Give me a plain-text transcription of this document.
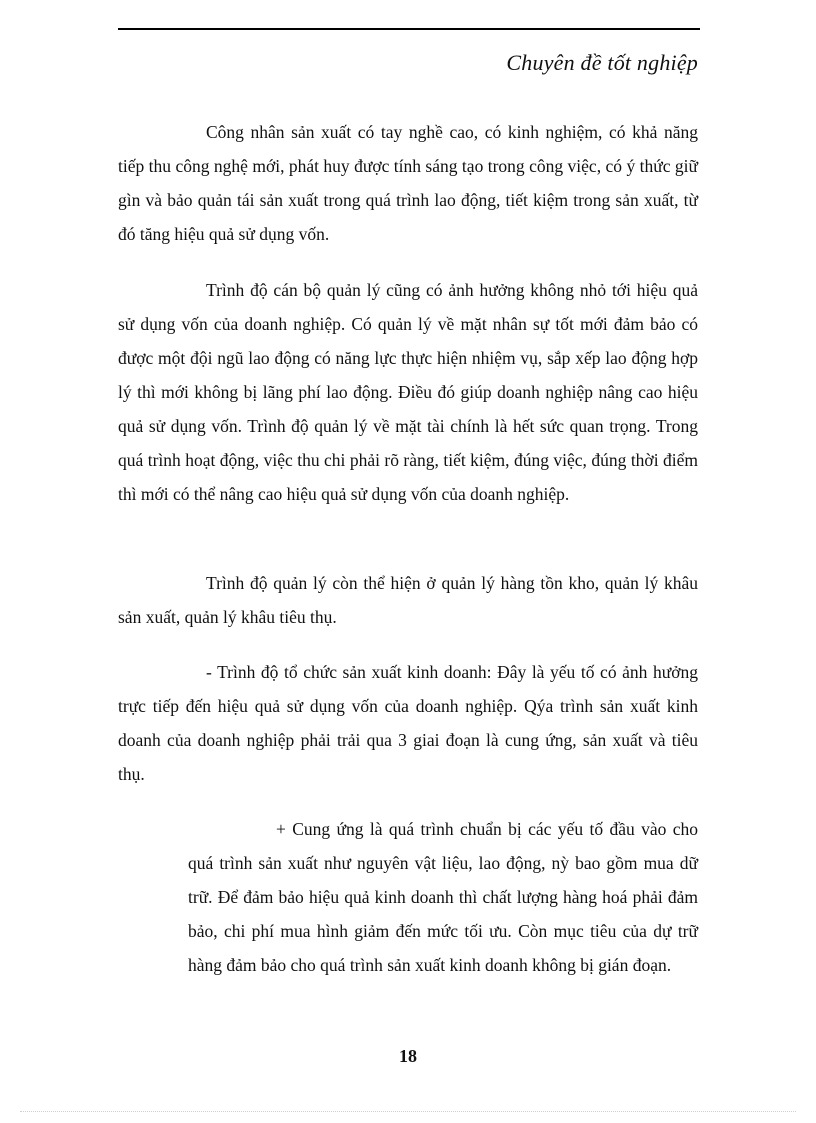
Chuyên đề tốt nghiệp

Công nhân sản xuất có tay nghề cao, có kinh nghiệm, có khả năng tiếp thu công nghệ mới, phát huy được tính sáng tạo trong công việc, có ý thức giữ gìn và bảo quản tái sản xuất trong quá trình lao động, tiết kiệm trong sản xuất, từ đó tăng hiệu quả sử dụng vốn.

Trình độ cán bộ quản lý cũng có ảnh hưởng không nhỏ tới hiệu quả sử dụng vốn của doanh nghiệp. Có quản lý về mặt nhân sự tốt mới đảm bảo có được một đội ngũ lao động có năng lực thực hiện nhiệm vụ, sắp xếp lao động hợp lý thì mới không bị lãng phí lao động. Điều đó giúp doanh nghiệp nâng cao hiệu quả sử dụng vốn. Trình độ quản lý về mặt tài chính là hết sức quan trọng. Trong quá trình hoạt động, việc thu chi phải rõ ràng, tiết kiệm, đúng việc, đúng thời điểm thì mới có thể nâng cao hiệu quả sử dụng vốn của doanh nghiệp.

Trình độ quản lý còn thể hiện ở quản lý hàng tồn kho, quản lý khâu sản xuất, quản lý khâu tiêu thụ.

- Trình độ tổ chức sản xuất kinh doanh: Đây là yếu tố có ảnh hưởng trực tiếp đến hiệu quả sử dụng vốn của doanh nghiệp. Qýa trình sản xuất kinh doanh của doanh nghiệp phải trải qua 3 giai đoạn là cung ứng, sản xuất và tiêu thụ.

+ Cung ứng là quá trình chuẩn bị các yếu tố đầu vào cho quá trình sản xuất như nguyên vật liệu, lao động, nỳ bao gồm mua dữ trữ. Để đảm bảo hiệu quả kinh doanh thì chất lượng hàng hoá phải đảm bảo, chi phí mua hình giảm đến mức tối ưu. Còn mục tiêu của dự trữ hàng đảm bảo cho quá trình sản xuất kinh doanh không bị gián đoạn.

18
